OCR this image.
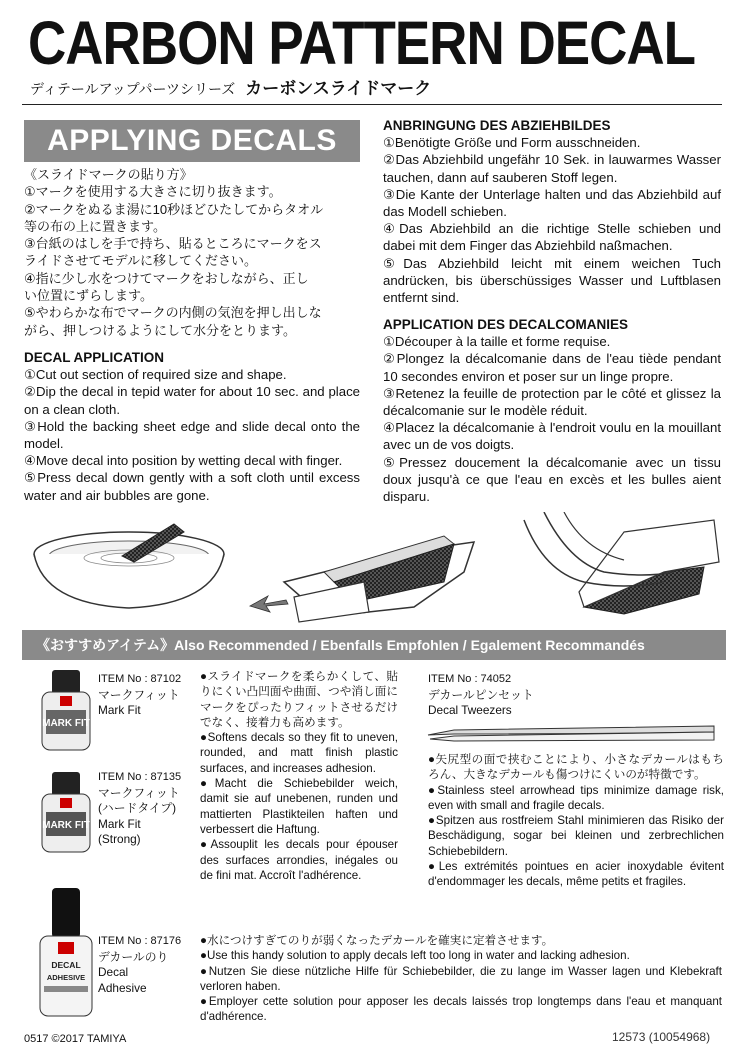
CARBON PATTERN DECAL
ディテールアップパーツシリーズ カーボンスライドマーク
APPLYING DECALS

《スライドマークの貼り方》

①マークを使用する大きさに切り抜きます。

②マークをぬるま湯に10秒ほどひたしてからタオル

等の布の上に置きます。

③台紙のはしを手で持ち、貼るところにマークをス

ライドさせてモデルに移してください。

④指に少し水をつけてマークをおしながら、正し

い位置にずらします。

⑤やわらかな布でマークの内側の気泡を押し出しな

がら、押しつけるようにして水分をとります。

DECAL APPLICATION

①Cut out section of required size and shape.

②Dip the decal in tepid water for about 10 sec. and place on a clean cloth.

③Hold the backing sheet edge and slide decal onto the model.

④Move decal into position by wetting decal with finger.

⑤Press decal down gently with a soft cloth until excess water and air bubbles are gone.

ANBRINGUNG DES ABZIEHBILDES

①Benötigte Größe und Form ausschneiden.

②Das Abziehbild ungefähr 10 Sek. in lauwarmes Wasser tauchen, dann auf sauberen Stoff legen.

③Die Kante der Unterlage halten und das Abziehbild auf das Modell schieben.

④Das Abziehbild an die richtige Stelle schieben und dabei mit dem Finger das Abziehbild naßmachen.

⑤Das Abziehbild leicht mit einem weichen Tuch andrücken, bis überschüssiges Wasser und Luftblasen entfernt sind.

APPLICATION DES DECALCOMANIES

①Découper à la taille et forme requise.

②Plongez la décalcomanie dans de l'eau tiède pendant 10 secondes environ et poser sur un linge propre.

③Retenez la feuille de protection par le côté et glissez la décalcomanie sur le modèle réduit.

④Placez la décalcomanie à l'endroit voulu en la mouillant avec un de vos doigts.

⑤Pressez doucement la décalcomanie avec un tissu doux jusqu'à ce que l'eau en excès et les bulles aient disparu.

《おすすめアイテム》Also Recommended / Ebenfalls Empfohlen / Egalement Recommandés
MARK FIT
ITEM No : 87102
マークフィット
Mark Fit
MARK FIT
ITEM No : 87135
マークフィット
(ハードタイプ)
Mark Fit
(Strong)

●スライドマークを柔らかくして、貼りにくい凸凹面や曲面、つや消し面にマークをぴったりフィットさせるだけでなく、接着力も高めます。

●Softens decals so they fit to uneven, rounded, and matt finish plastic surfaces, and increases adhesion.

●Macht die Schiebebilder weich, damit sie auf unebenen, runden und mattierten Plastikteilen haften und verbessert die Haftung.

●Assouplit les decals pour épouser des surfaces arrondies, inégales ou de fini mat. Accroît l'adhérence.

ITEM No : 74052
デカールピンセット
Decal Tweezers

●矢尻型の面で挟むことにより、小さなデカールはもちろん、大きなデカールも傷つけにくいのが特徴です。

●Stainless steel arrowhead tips minimize damage risk, even with small and fragile decals.

●Spitzen aus rostfreiem Stahl minimieren das Risiko der Beschädigung, sogar bei kleinen und zerbrechlichen Schiebebildern.

●Les extrémités pointues en acier inoxydable évitent d'endommager les decals, même petits et fragiles.

DECAL
ADHESIVE
ITEM No : 87176
デカールのり
Decal
Adhesive

●水につけすぎてのりが弱くなったデカールを確実に定着させます。

●Use this handy solution to apply decals left too long in water and lacking adhesion.

●Nutzen Sie diese nützliche Hilfe für Schiebebilder, die zu lange im Wasser lagen und Klebekraft verloren haben.

●Employer cette solution pour apposer les decals laissés trop longtemps dans l'eau et manquant d'adhérence.

0517 ©2017 TAMIYA	12573 (10054968)
